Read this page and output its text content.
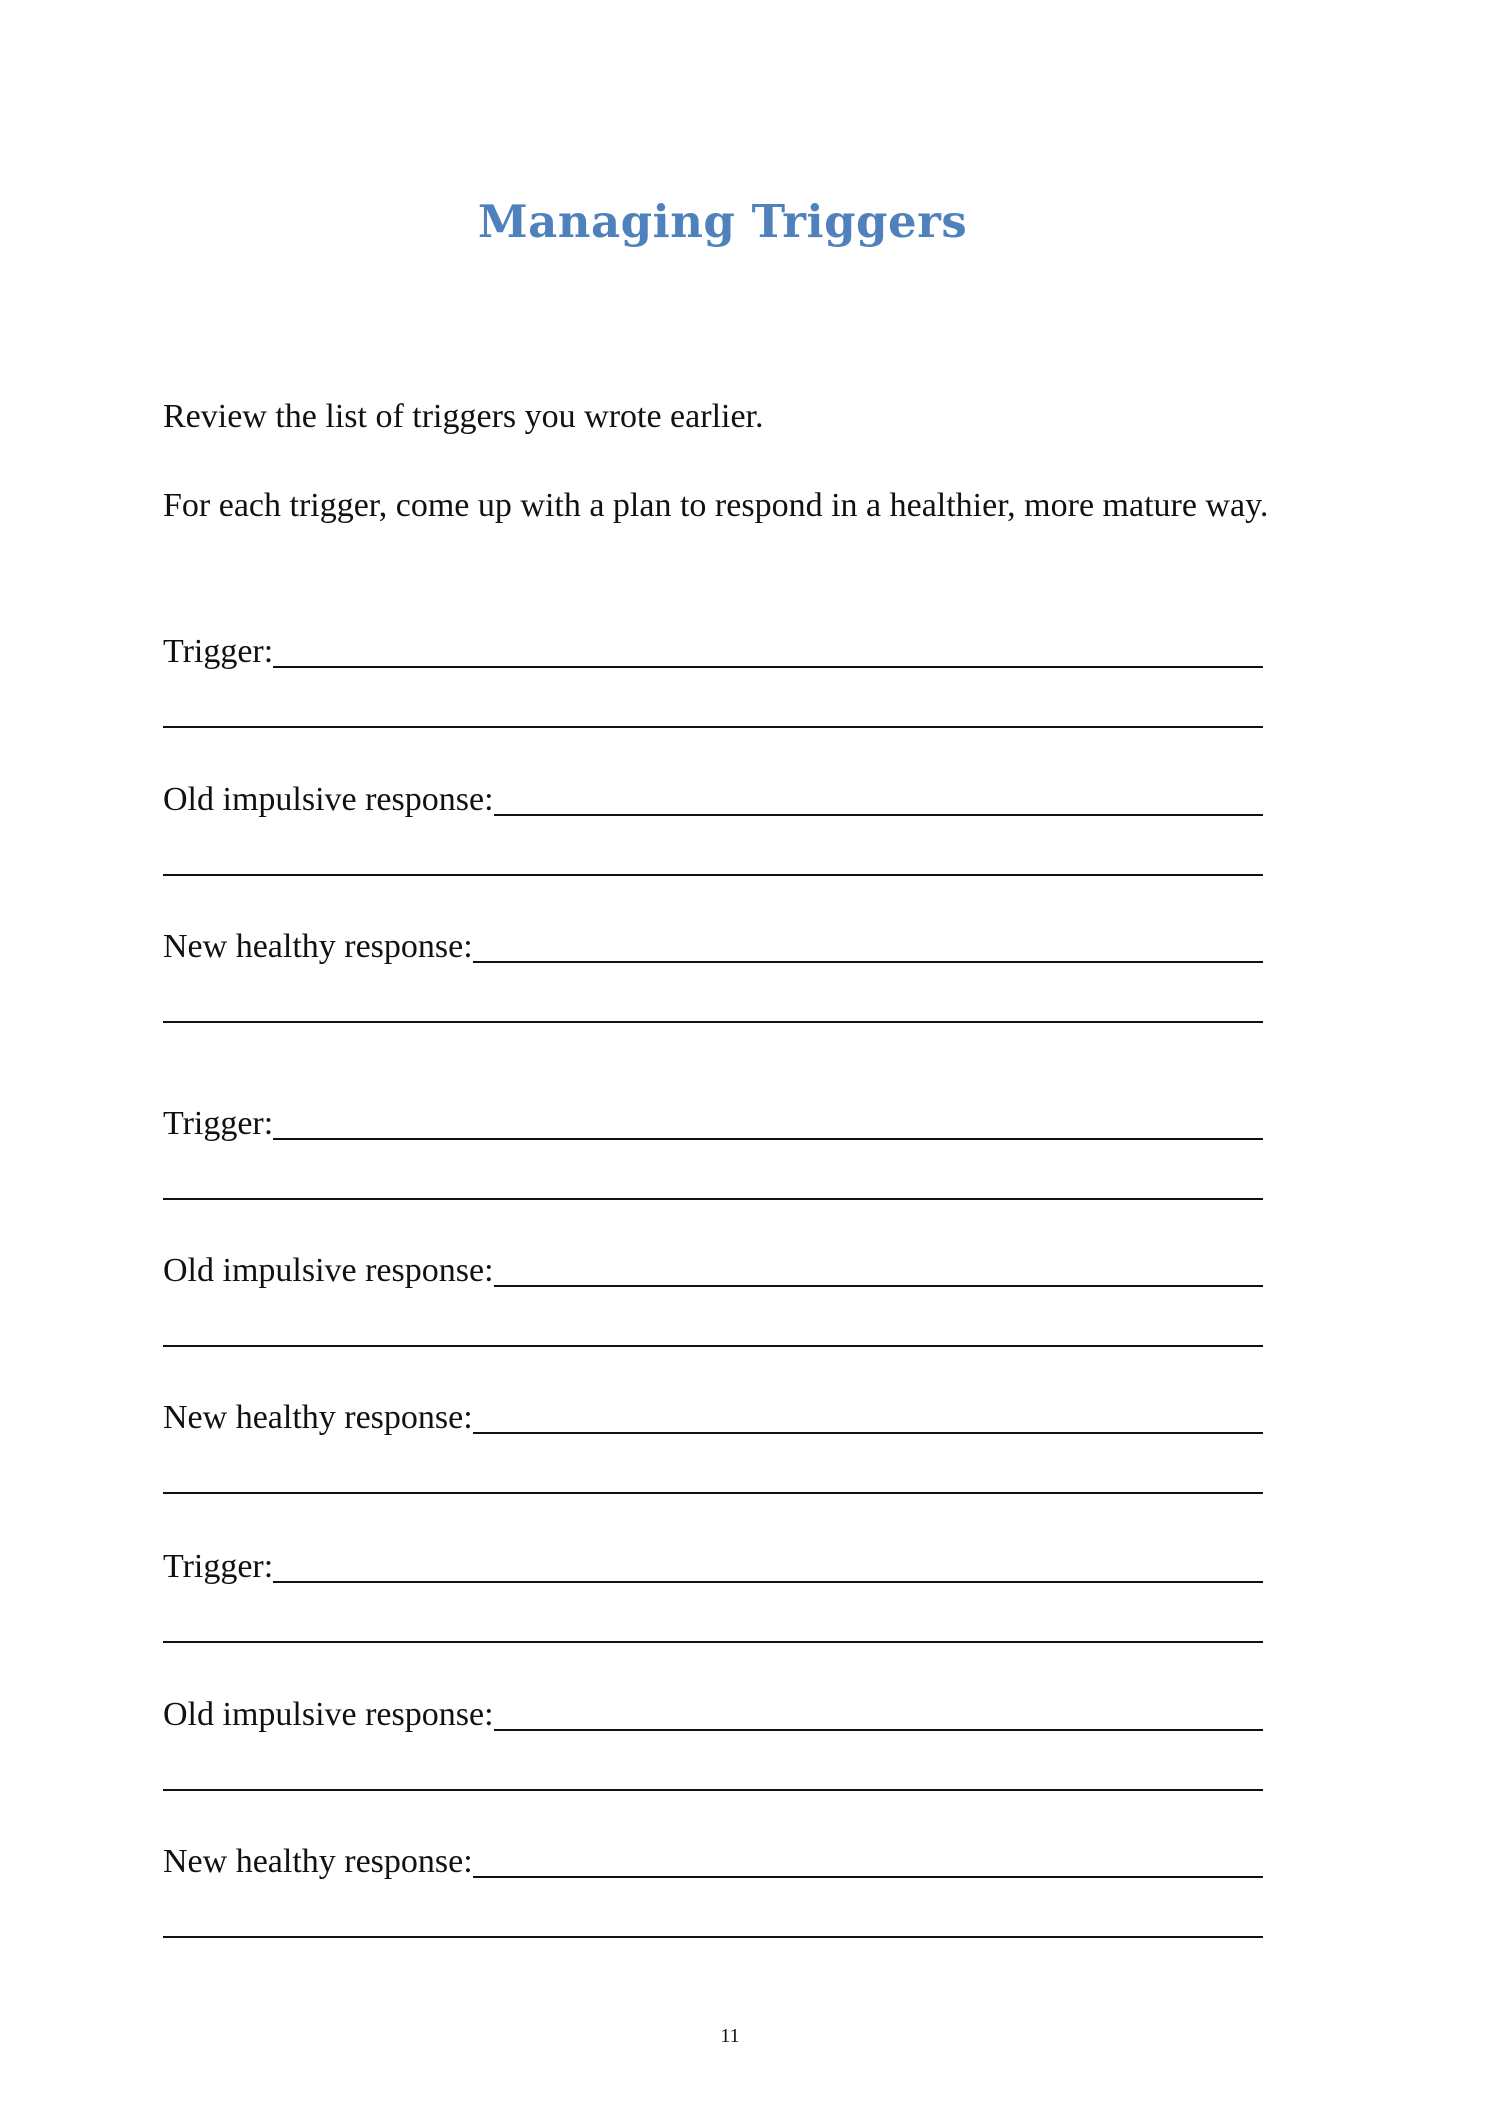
Managing Triggers

Review the list of triggers you wrote earlier.

For each trigger, come up with a plan to respond in a healthier, more mature way.

Trigger:
Old impulsive response:
New healthy response:
Trigger:
Old impulsive response:
New healthy response:
Trigger:
Old impulsive response:
New healthy response:
11
